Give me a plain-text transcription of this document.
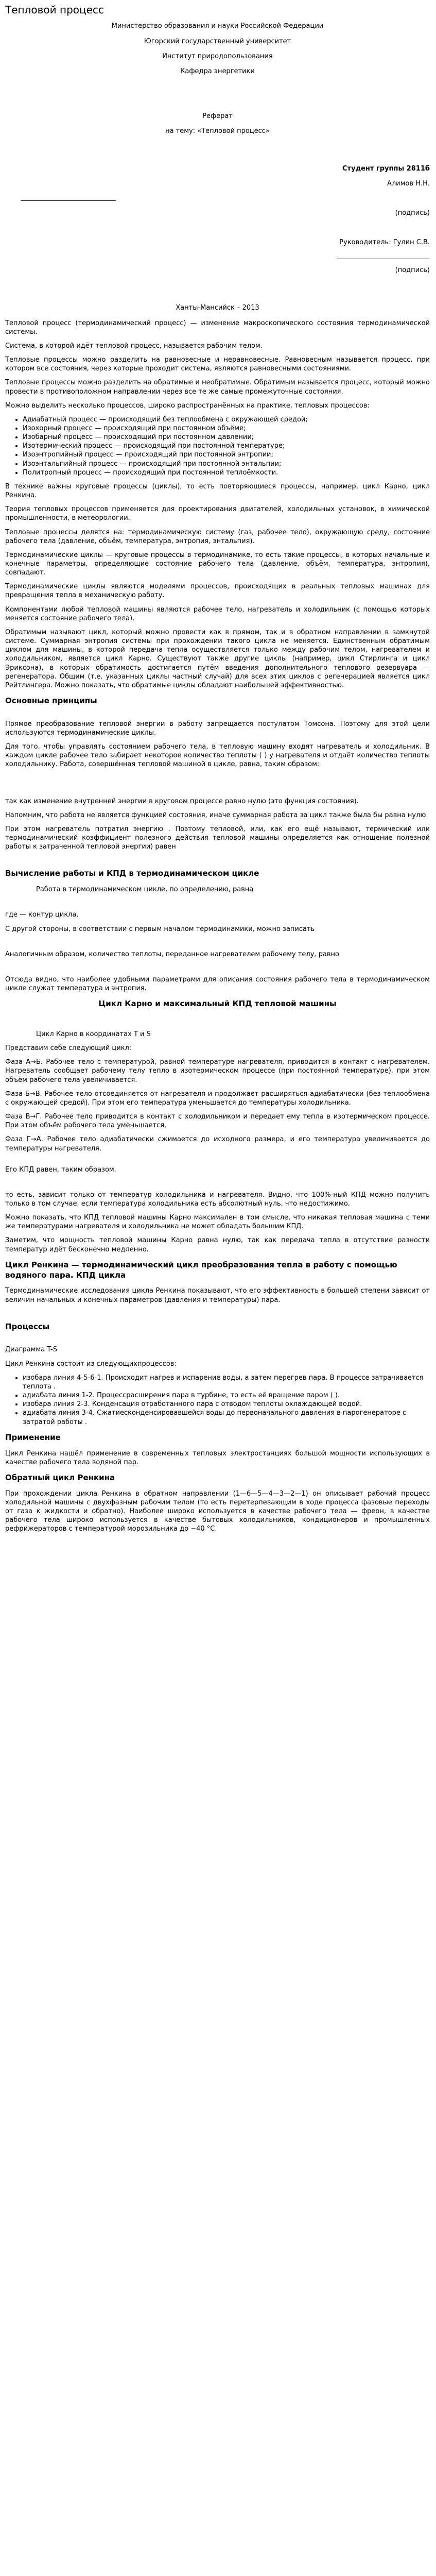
Тепловой процесс
Министерство образования и науки Российской Федерации
Югорский государственный университет
Институт природопользования
Кафедра энергетики
Реферат
на тему: «Тепловой процесс»
Студент группы 2811б
Алимов Н.Н.
(подпись)
Руководитель: Гулин С.В.
(подпись)
Ханты-Мансийск – 2013

Тепловой процесс (термодинамический процесс) — изменение макроскопического состояния термодинамической системы.

Система, в которой идёт тепловой процесс, называется рабочим телом.

Тепловые процессы можно разделить на равновесные и неравновесные. Равновесным называется процесс, при котором все состояния, через которые проходит система, являются равновесными состояниями.

Тепловые процессы можно разделить на обратимые и необратимые. Обратимым называется процесс, который можно провести в противоположном направлении через все те же самые промежуточные состояния.

Можно выделить несколько процессов, широко распространённых на практике, тепловых процессов:

• Адиабатный процесс — происходящий без теплообмена с окружающей средой;
• Изохорный процесс — происходящий при постоянном объёме;
• Изобарный процесс — происходящий при постоянном давлении;
• Изотермический процесс — происходящий при постоянной температуре;
• Изоэнтропийный процесс — происходящий при постоянной энтропии;
• Изоэнтальпийный процесс — происходящий при постоянной энтальпии;
• Политропный процесс — происходящий при постоянной теплоёмкости.

В технике важны круговые процессы (циклы), то есть повторяющиеся процессы, например, цикл Карно, цикл Ренкина.

Теория тепловых процессов применяется для проектирования двигателей, холодильных установок, в химической промышленности, в метеорологии.

Тепловые процессы делятся на: термодинамическую систему (газ, рабочее тело), окружающую среду, состояние рабочего тела (давление, объём, температура, энтропия, энтальпия).

Термодинамические циклы — круговые процессы в термодинамике, то есть такие процессы, в которых начальные и конечные параметры, определяющие состояние рабочего тела (давление, объём, температура, энтропия), совпадают.

Термодинамические циклы являются моделями процессов, происходящих в реальных тепловых машинах для превращения тепла в механическую работу.

Компонентами любой тепловой машины являются рабочее тело, нагреватель и холодильник (с помощью которых меняется состояние рабочего тела).

Обратимым называют цикл, который можно провести как в прямом, так и в обратном направлении в замкнутой системе. Суммарная энтропия системы при прохождении такого цикла не меняется. Единственным обратимым циклом для машины, в которой передача тепла осуществляется только между рабочим телом, нагревателем и холодильником, является цикл Карно. Существуют также другие циклы (например, цикл Стирлинга и цикл Эриксона), в которых обратимость достигается путём введения дополнительного теплового резервуара — регенератора. Общим (т.е. указанных циклы частный случай) для всех этих циклов с регенерацией является цикл Рейтлингера. Можно показать, что обратимые циклы обладают наибольшей эффективностью.

Основные принципы

Прямое преобразование тепловой энергии в работу запрещается постулатом Томсона. Поэтому для этой цели используются термодинамические циклы.

Для того, чтобы управлять состоянием рабочего тела, в тепловую машину входят нагреватель и холодильник. В каждом цикле рабочее тело забирает некоторое количество теплоты ( ) у нагревателя и отдаёт количество теплоты холодильнику. Работа, совершённая тепловой машиной в цикле, равна, таким образом:

так как изменение внутренней энергии в круговом процессе равно нулю (это функция состояния).

Напомним, что работа не является функцией состояния, иначе суммарная работа за цикл также была бы равна нулю.

При этом нагреватель потратил энергию . Поэтому тепловой, или, как его ещё называют, термический или термодинамический коэффициент полезного действия тепловой машины определяется как отношение полезной работы к затраченной тепловой энергии) равен

Вычисление работы и КПД в термодинамическом цикле

Работа в термодинамическом цикле, по определению, равна

где — контур цикла.

С другой стороны, в соответствии с первым началом термодинамики, можно записать

Аналогичным образом, количество теплоты, переданное нагревателем рабочему телу, равно

Отсюда видно, что наиболее удобными параметрами для описания состояния рабочего тела в термодинамическом цикле служат температура и энтропия.

Цикл Карно и максимальный КПД тепловой машины

Цикл Карно в координатах T и S

Представим себе следующий цикл:

Фаза А→Б. Рабочее тело с температурой, равной температуре нагревателя, приводится в контакт с нагревателем. Нагреватель сообщает рабочему телу тепло в изотермическом процессе (при постоянной температуре), при этом объём рабочего тела увеличивается.

Фаза Б→В. Рабочее тело отсоединяется от нагревателя и продолжает расширяться адиабатически (без теплообмена с окружающей средой). При этом его температура уменьшается до температуры холодильника.

Фаза В→Г. Рабочее тело приводится в контакт с холодильником и передает ему тепла в изотермическом процессе. При этом объём рабочего тела уменьшается.

Фаза Г→А. Рабочее тело адиабатически сжимается до исходного размера, и его температура увеличивается до температуры нагревателя.

Его КПД равен, таким образом.

то есть, зависит только от температур холодильника и нагревателя. Видно, что 100%-ный КПД можно получить только в том случае, если температура холодильника есть абсолютный нуль, что недостижимо.

Можно показать, что КПД тепловой машины Карно максимален в том смысле, что никакая тепловая машина с теми же температурами нагревателя и холодильника не может обладать большим КПД.

Заметим, что мощность тепловой машины Карно равна нулю, так как передача тепла в отсутствие разности температур идёт бесконечно медленно.

Цикл Ренкина — термодинамический цикл преобразования тепла в работу с помощью водяного пара. КПД цикла

Термодинамические исследования цикла Ренкина показывают, что его эффективность в большей степени зависит от величин начальных и конечных параметров (давления и температуры) пара.

Процессы

Диаграмма T-S

Цикл Ренкина состоит из следующихпроцессов:

• изобара линия 4-5-6-1. Происходит нагрев и испарение воды, а затем перегрев пара. В процессе затрачивается теплота .
• адиабата линия 1-2. Процессрасширения пара в турбине, то есть её вращение паром ( ).
• изобара линия 2-3. Конденсация отработанного пара с отводом теплоты охлаждающей водой.
• адиабата линия 3-4. Сжатиесконденсировавшейся воды до первоначального давления в парогенераторе с затратой работы .
Применение

Цикл Ренкина нашёл применение в современных тепловых электростанциях большой мощности использующих в качестве рабочего тела водяной пар.

Обратный цикл Ренкина

При прохождении цикла Ренкина в обратном направлении (1—6—5—4—3—2—1) он описывает рабочий процесс холодильной машины с двухфазным рабочим телом (то есть перетерпевающим в ходе процесса фазовые переходы от газа к жидкости и обратно). Наиболее широко используется в качестве рабочего тела — фреон, в качестве рабочего тела широко используется в качестве бытовых холодильников, кондиционеров и промышленных рефрижераторов с температурой морозильника до −40 °С.
